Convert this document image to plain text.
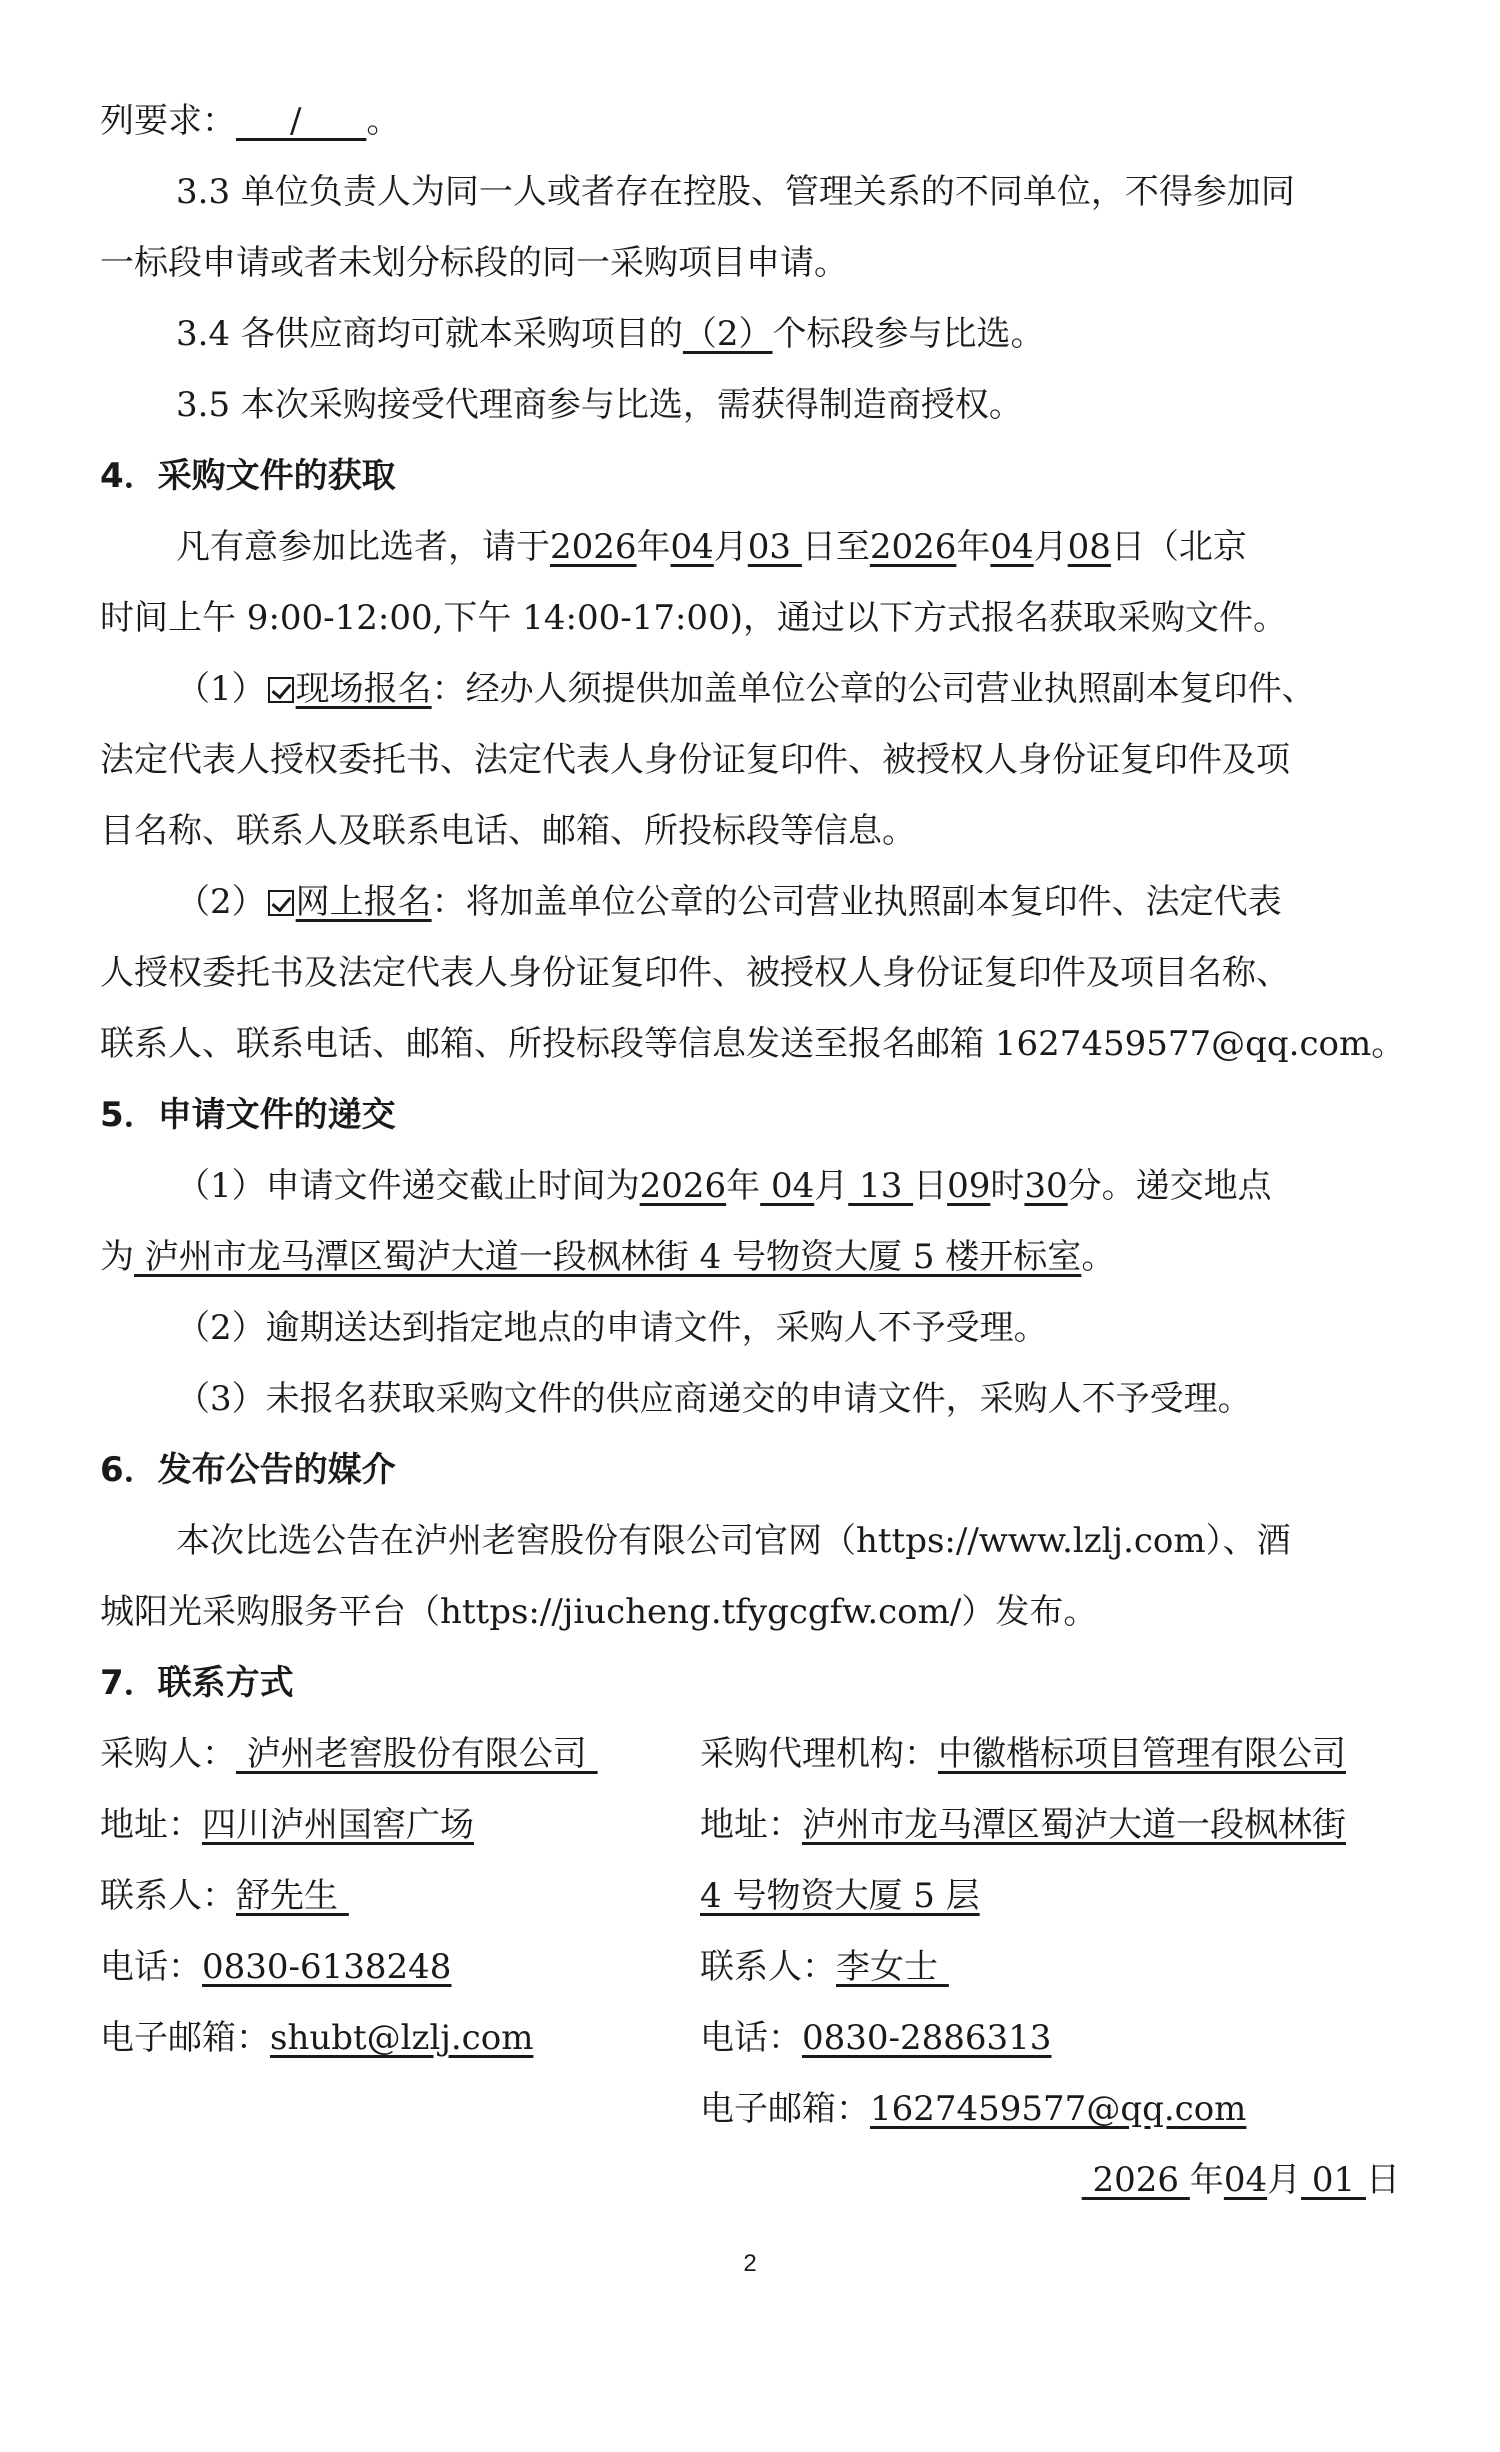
列要求：     /      。
3.3 单位负责人为同一人或者存在控股、管理关系的不同单位，不得参加同
一标段申请或者未划分标段的同一采购项目申请。
3.4 各供应商均可就本采购项目的（2）个标段参与比选。
3.5 本次采购接受代理商参与比选，需获得制造商授权。
4．采购文件的获取
凡有意参加比选者，请于2026年04月03 日至2026年04月08日（北京
时间上午 9:00-12:00,下午 14:00-17:00)，通过以下方式报名获取采购文件。
（1） 现场报名：经办人须提供加盖单位公章的公司营业执照副本复印件、
法定代表人授权委托书、法定代表人身份证复印件、被授权人身份证复印件及项
目名称、联系人及联系电话、邮箱、所投标段等信息。
（2） 网上报名：将加盖单位公章的公司营业执照副本复印件、法定代表
人授权委托书及法定代表人身份证复印件、被授权人身份证复印件及项目名称、
联系人、联系电话、邮箱、所投标段等信息发送至报名邮箱 1627459577@qq.com。
5．申请文件的递交
（1）申请文件递交截止时间为2026年 04月 13 日09时30分。递交地点
为 泸州市龙马潭区蜀泸大道一段枫林街 4 号物资大厦 5 楼开标室。
（2）逾期送达到指定地点的申请文件，采购人不予受理。
（3）未报名获取采购文件的供应商递交的申请文件，采购人不予受理。
6．发布公告的媒介
本次比选公告在泸州老窖股份有限公司官网（https://www.lzlj.com）、酒
城阳光采购服务平台（https://jiucheng.tfygcgfw.com/）发布。
7．联系方式
采购人： 泸州老窖股份有限公司
地址：四川泸州国窖广场
联系人：舒先生
电话：0830-6138248
电子邮箱：shubt@lzlj.com
采购代理机构：中徽楷标项目管理有限公司
地址：泸州市龙马潭区蜀泸大道一段枫林街
4 号物资大厦 5 层
联系人：李女士
电话：0830-2886313
电子邮箱：1627459577@qq.com
2026 年04月 01 日
2
